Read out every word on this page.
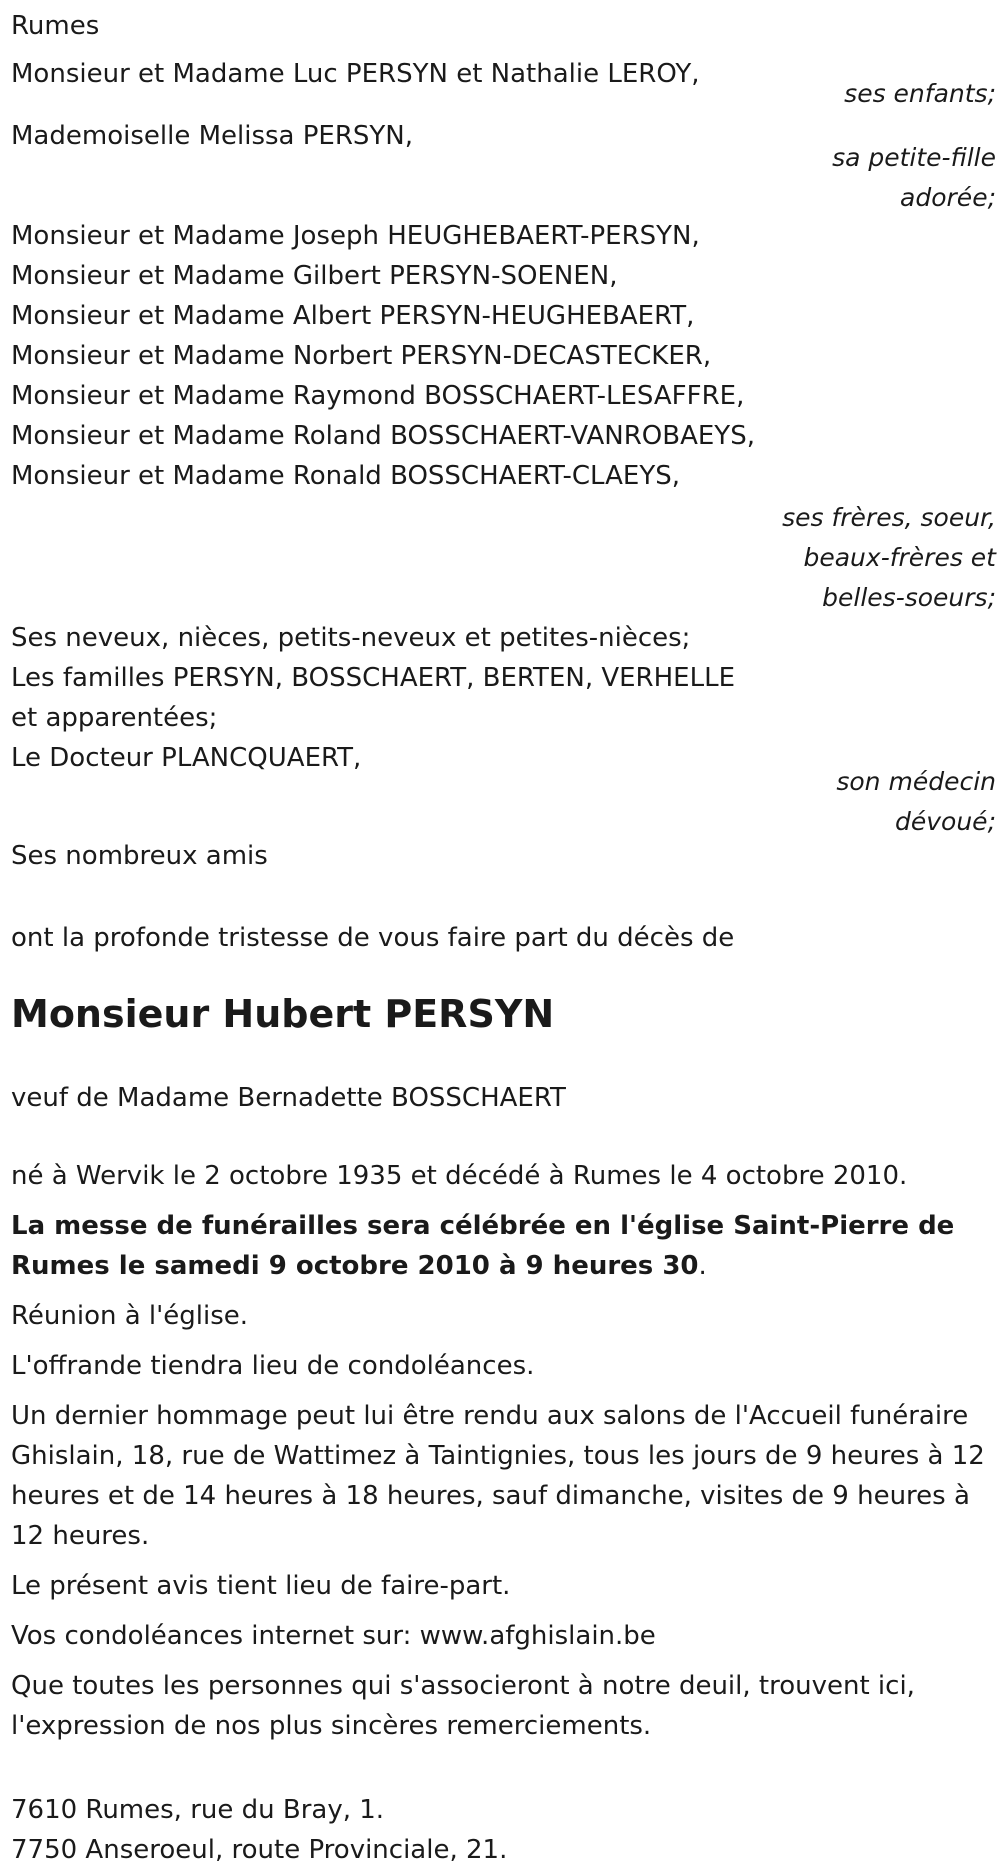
Rumes

Monsieur et Madame Luc PERSYN et Nathalie LEROY,

ses enfants;

Mademoiselle Melissa PERSYN,

sa petite-fille
adorée;

Monsieur et Madame Joseph HEUGHEBAERT-PERSYN,

Monsieur et Madame Gilbert PERSYN-SOENEN,

Monsieur et Madame Albert PERSYN-HEUGHEBAERT,

Monsieur et Madame Norbert PERSYN-DECASTECKER,

Monsieur et Madame Raymond BOSSCHAERT-LESAFFRE,

Monsieur et Madame Roland BOSSCHAERT-VANROBAEYS,

Monsieur et Madame Ronald BOSSCHAERT-CLAEYS,

ses frères, soeur,
beaux-frères et
belles-soeurs;

Ses neveux, nièces, petits-neveux et petites-nièces;

Les familles PERSYN, BOSSCHAERT, BERTEN, VERHELLE

et apparentées;

Le Docteur PLANCQUAERT,

son médecin
dévoué;

Ses nombreux amis

ont la profonde tristesse de vous faire part du décès de

Monsieur Hubert PERSYN

veuf de Madame Bernadette BOSSCHAERT

né à Wervik le 2 octobre 1935 et décédé à Rumes le 4 octobre 2010.

La messe de funérailles sera célébrée en l'église Saint-Pierre de Rumes le samedi 9 octobre 2010 à 9 heures 30.

Réunion à l'église.

L'offrande tiendra lieu de condoléances.

Un dernier hommage peut lui être rendu aux salons de l'Accueil funéraire Ghislain, 18, rue de Wattimez à Taintignies, tous les jours de 9 heures à 12 heures et de 14 heures à 18 heures, sauf dimanche, visites de 9 heures à 12 heures.

Le présent avis tient lieu de faire-part.

Vos condoléances internet sur: www.afghislain.be

Que toutes les personnes qui s'associeront à notre deuil, trouvent ici, l'expression de nos plus sincères remerciements.

7610 Rumes, rue du Bray, 1.

7750 Anseroeul, route Provinciale, 21.
